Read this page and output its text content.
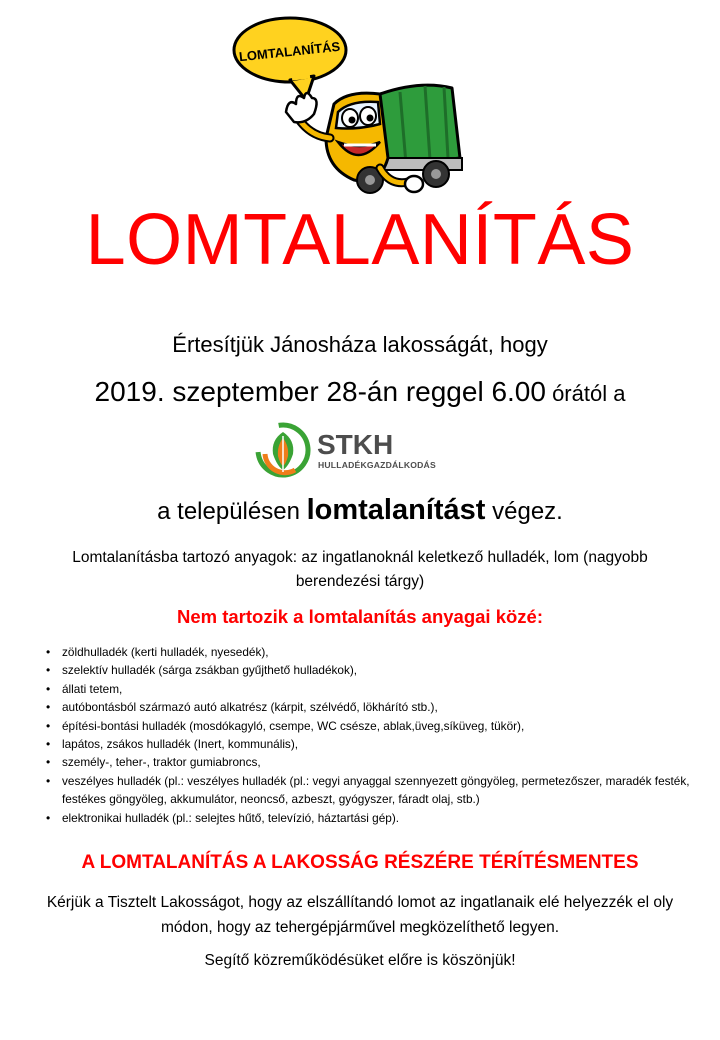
LOMTALANÍTÁS
LOMTALANÍTÁS
Értesítjük Jánosháza lakosságát, hogy
2019. szeptember 28-án reggel 6.00 órától a
STKH
HULLADÉKGAZDÁLKODÁS
a településen lomtalanítást végez.
Lomtalanításba tartozó anyagok: az ingatlanoknál keletkező hulladék, lom (nagyobb berendezési tárgy)
Nem tartozik a lomtalanítás anyagai közé:
• zöldhulladék (kerti hulladék, nyesedék),
• szelektív hulladék (sárga zsákban gyűjthető hulladékok),
• állati tetem,
• autóbontásból származó autó alkatrész (kárpit, szélvédő, lökhárító stb.),
• építési-bontási hulladék (mosdókagyló, csempe, WC csésze, ablak,üveg,síküveg, tükör),
• lapátos, zsákos hulladék (Inert, kommunális),
• személy-, teher-, traktor gumiabroncs,
• veszélyes hulladék (pl.: veszélyes hulladék (pl.: vegyi anyaggal szennyezett göngyöleg, permetezőszer, maradék festék, festékes göngyöleg, akkumulátor, neoncső, azbeszt, gyógyszer, fáradt olaj, stb.)
• elektronikai hulladék (pl.: selejtes hűtő, televízió, háztartási gép).
A LOMTALANÍTÁS A LAKOSSÁG RÉSZÉRE TÉRÍTÉSMENTES
Kérjük a Tisztelt Lakosságot, hogy az elszállítandó lomot az ingatlanaik elé helyezzék el oly módon, hogy az tehergépjárművel megközelíthető legyen.
Segítő közreműködésüket előre is köszönjük!
